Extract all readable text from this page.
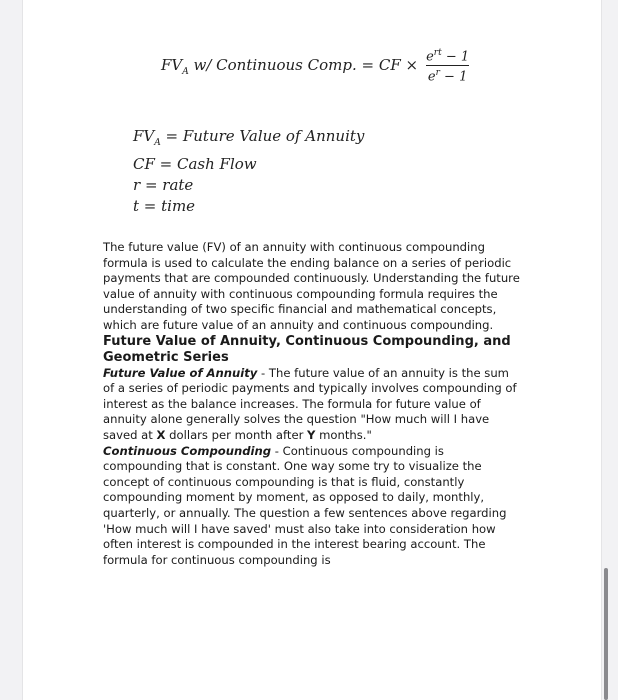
$FV_A$ w/ Continuous Comp. = CF × $\frac{e^{rt} - 1}{e^r - 1}$
$FV_A$ = Future Value of Annuity
CF = Cash Flow
r = rate
t = time

The future value (FV) of an annuity with continuous compounding formula is used to calculate the ending balance on a series of periodic payments that are compounded continuously. Understanding the future value of annuity with continuous compounding formula requires the understanding of two specific financial and mathematical concepts, which are future value of an annuity and continuous compounding.

Future Value of Annuity, Continuous Compounding, and Geometric Series

Future Value of Annuity - The future value of an annuity is the sum of a series of periodic payments and typically involves compounding of interest as the balance increases. The formula for future value of annuity alone generally solves the question "How much will I have saved at X dollars per month after Y months."

Continuous Compounding - Continuous compounding is compounding that is constant. One way some try to visualize the concept of continuous compounding is that is fluid, constantly compounding moment by moment, as opposed to daily, monthly, quarterly, or annually. The question a few sentences above regarding 'How much will I have saved' must also take into consideration how often interest is compounded in the interest bearing account. The formula for continuous compounding is
